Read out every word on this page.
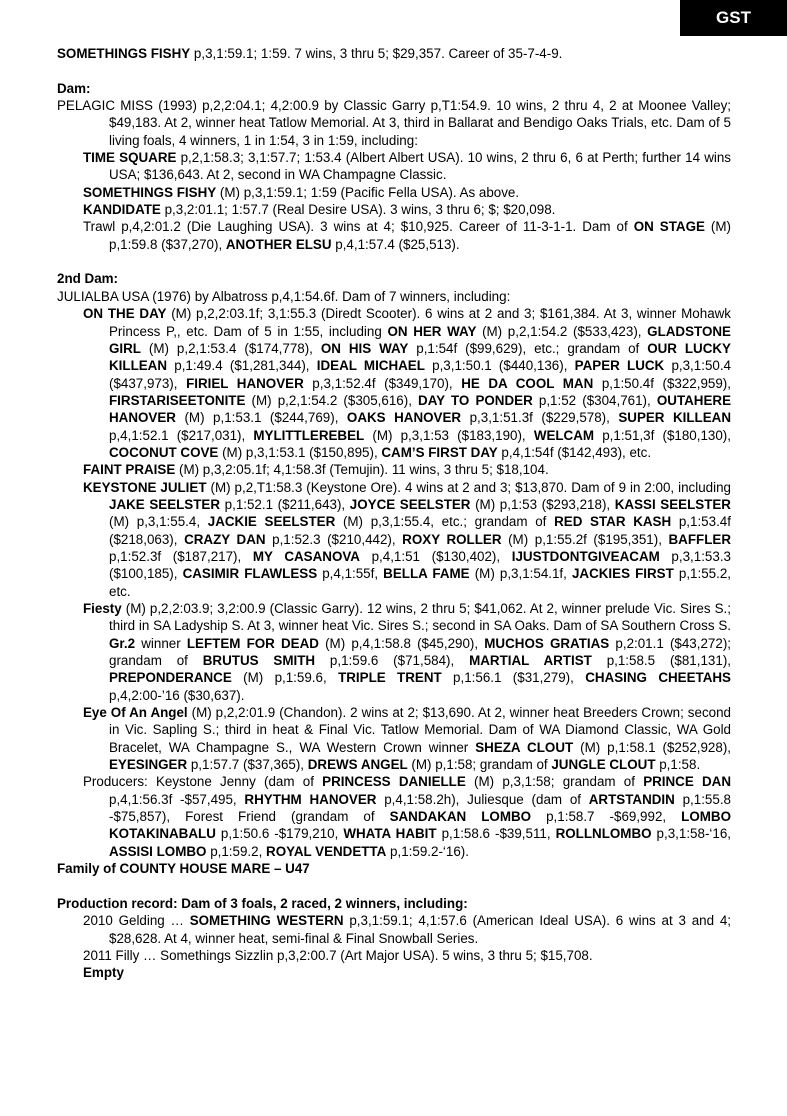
GST

SOMETHINGS FISHY p,3,1:59.1; 1:59. 7 wins, 3 thru 5; $29,357. Career of 35-7-4-9.

Dam:

PELAGIC MISS (1993) p,2,2:04.1; 4,2:00.9 by Classic Garry p,T1:54.9. 10 wins, 2 thru 4, 2 at Moonee Valley; $49,183. At 2, winner heat Tatlow Memorial. At 3, third in Ballarat and Bendigo Oaks Trials, etc. Dam of 5 living foals, 4 winners, 1 in 1:54, 3 in 1:59, including:

TIME SQUARE p,2,1:58.3; 3,1:57.7; 1:53.4 (Albert Albert USA). 10 wins, 2 thru 6, 6 at Perth; further 14 wins USA; $136,643. At 2, second in WA Champagne Classic.

SOMETHINGS FISHY (M) p,3,1:59.1; 1:59 (Pacific Fella USA). As above.

KANDIDATE p,3,2:01.1; 1:57.7 (Real Desire USA). 3 wins, 3 thru 6; $; $20,098.

Trawl p,4,2:01.2 (Die Laughing USA). 3 wins at 4; $10,925. Career of 11-3-1-1. Dam of ON STAGE (M) p,1:59.8 ($37,270), ANOTHER ELSU p,4,1:57.4 ($25,513).

2nd Dam:

JULIALBA USA (1976) by Albatross p,4,1:54.6f. Dam of 7 winners, including:

ON THE DAY (M) p,2,2:03.1f; 3,1:55.3 (Diredt Scooter). 6 wins at 2 and 3; $161,384. At 3, winner Mohawk Princess P,, etc. Dam of 5 in 1:55, including ON HER WAY (M) p,2,1:54.2 ($533,423), GLADSTONE GIRL (M) p,2,1:53.4 ($174,778), ON HIS WAY p,1:54f ($99,629), etc.; grandam of OUR LUCKY KILLEAN p,1:49.4 ($1,281,344), IDEAL MICHAEL p,3,1:50.1 ($440,136), PAPER LUCK p,3,1:50.4 ($437,973), FIRIEL HANOVER p,3,1:52.4f ($349,170), HE DA COOL MAN p,1:50.4f ($322,959), FIRSTARISEETONITE (M) p,2,1:54.2 ($305,616), DAY TO PONDER p,1:52 ($304,761), OUTAHERE HANOVER (M) p,1:53.1 ($244,769), OAKS HANOVER p,3,1:51.3f ($229,578), SUPER KILLEAN p,4,1:52.1 ($217,031), MYLITTLEREBEL (M) p,3,1:53 ($183,190), WELCAM p,1:51,3f ($180,130), COCONUT COVE (M) p,3,1:53.1 ($150,895), CAM’S FIRST DAY p,4,1:54f ($142,493), etc.

FAINT PRAISE (M) p,3,2:05.1f; 4,1:58.3f (Temujin). 11 wins, 3 thru 5; $18,104.

KEYSTONE JULIET (M) p,2,T1:58.3 (Keystone Ore). 4 wins at 2 and 3; $13,870. Dam of 9 in 2:00, including JAKE SEELSTER p,1:52.1 ($211,643), JOYCE SEELSTER (M) p,1:53 ($293,218), KASSI SEELSTER (M) p,3,1:55.4, JACKIE SEELSTER (M) p,3,1:55.4, etc.; grandam of RED STAR KASH p,1:53.4f ($218,063), CRAZY DAN p,1:52.3 ($210,442), ROXY ROLLER (M) p,1:55.2f ($195,351), BAFFLER p,1:52.3f ($187,217), MY CASANOVA p,4,1:51 ($130,402), IJUSTDONTGIVEACAM p,3,1:53.3 ($100,185), CASIMIR FLAWLESS p,4,1:55f, BELLA FAME (M) p,3,1:54.1f, JACKIES FIRST p,1:55.2, etc.

Fiesty (M) p,2,2:03.9; 3,2:00.9 (Classic Garry). 12 wins, 2 thru 5; $41,062. At 2, winner prelude Vic. Sires S.; third in SA Ladyship S. At 3, winner heat Vic. Sires S.; second in SA Oaks. Dam of SA Southern Cross S. Gr.2 winner LEFTEM FOR DEAD (M) p,4,1:58.8 ($45,290), MUCHOS GRATIAS p,2:01.1 ($43,272); grandam of BRUTUS SMITH p,1:59.6 ($71,584), MARTIAL ARTIST p,1:58.5 ($81,131), PREPONDERANCE (M) p,1:59.6, TRIPLE TRENT p,1:56.1 ($31,279), CHASING CHEETAHS p,4,2:00-’16 ($30,637).

Eye Of An Angel (M) p,2,2:01.9 (Chandon). 2 wins at 2; $13,690. At 2, winner heat Breeders Crown; second in Vic. Sapling S.; third in heat & Final Vic. Tatlow Memorial. Dam of WA Diamond Classic, WA Gold Bracelet, WA Champagne S., WA Western Crown winner SHEZA CLOUT (M) p,1:58.1 ($252,928), EYESINGER p,1:57.7 ($37,365), DREWS ANGEL (M) p,1:58; grandam of JUNGLE CLOUT p,1:58.

Producers: Keystone Jenny (dam of PRINCESS DANIELLE (M) p,3,1:58; grandam of PRINCE DAN p,4,1:56.3f -$57,495, RHYTHM HANOVER p,4,1:58.2h), Juliesque (dam of ARTSTANDIN p,1:55.8 -$75,857), Forest Friend (grandam of SANDAKAN LOMBO p,1:58.7 -$69,992, LOMBO KOTAKINABALU p,1:50.6 -$179,210, WHATA HABIT p,1:58.6 -$39,511, ROLLNLOMBO p,3,1:58-‘16, ASSISI LOMBO p,1:59.2, ROYAL VENDETTA p,1:59.2-‘16).

Family of COUNTY HOUSE MARE – U47

Production record: Dam of 3 foals, 2 raced, 2 winners, including:

2010 Gelding … SOMETHING WESTERN p,3,1:59.1; 4,1:57.6 (American Ideal USA). 6 wins at 3 and 4; $28,628. At 4, winner heat, semi-final & Final Snowball Series.

2011 Filly … Somethings Sizzlin p,3,2:00.7 (Art Major USA). 5 wins, 3 thru 5; $15,708.

Empty
